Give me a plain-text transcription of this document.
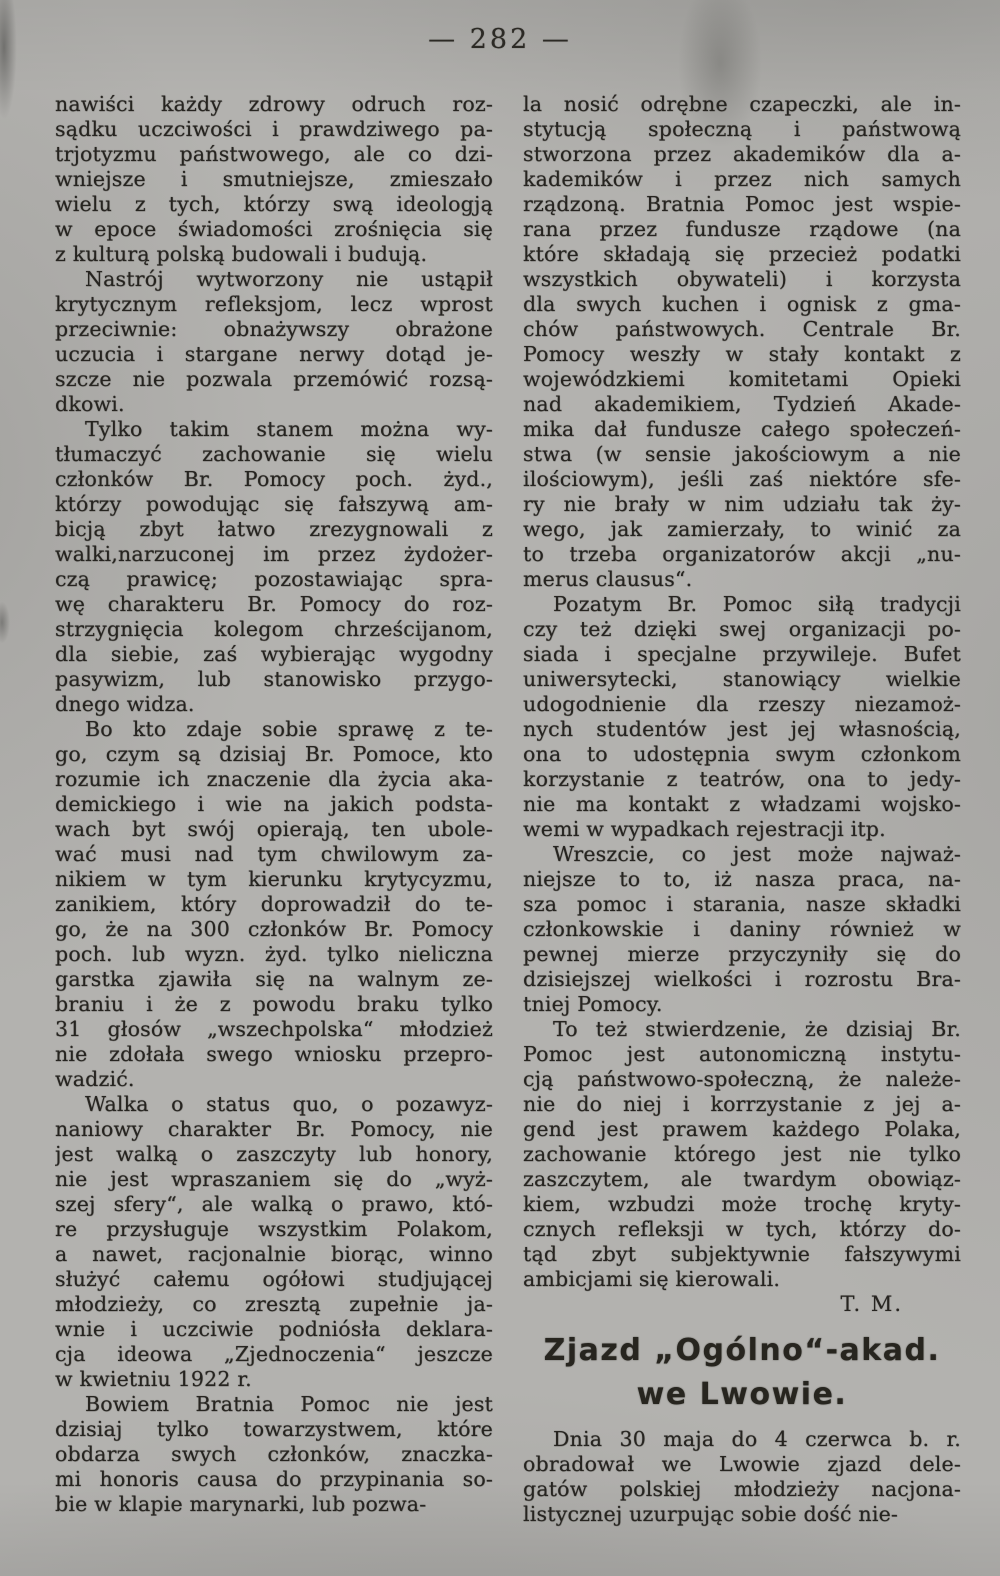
— 282 —
nawiści każdy zdrowy odruch roz-
sądku uczciwości i prawdziwego pa-
trjotyzmu państwowego, ale co dzi-
wniejsze i smutniejsze, zmieszało
wielu z tych, którzy swą ideologją
w epoce świadomości zrośnięcia się
z kulturą polską budowali i budują.
Nastrój wytworzony nie ustąpił
krytycznym refleksjom, lecz wprost
przeciwnie: obnażywszy obrażone
uczucia i stargane nerwy dotąd je-
szcze nie pozwala przemówić rozsą-
dkowi.
Tylko takim stanem można wy-
tłumaczyć zachowanie się wielu
członków Br. Pomocy poch. żyd.,
którzy powodując się fałszywą am-
bicją zbyt łatwo zrezygnowali z
walki,narzuconej im przez żydożer-
czą prawicę; pozostawiając spra-
wę charakteru Br. Pomocy do roz-
strzygnięcia kolegom chrześcijanom,
dla siebie, zaś wybierając wygodny
pasywizm, lub stanowisko przygo-
dnego widza.
Bo kto zdaje sobie sprawę z te-
go, czym są dzisiaj Br. Pomoce, kto
rozumie ich znaczenie dla życia aka-
demickiego i wie na jakich podsta-
wach byt swój opierają, ten ubole-
wać musi nad tym chwilowym za-
nikiem w tym kierunku krytycyzmu,
zanikiem, który doprowadził do te-
go, że na 300 członków Br. Pomocy
poch. lub wyzn. żyd. tylko nieliczna
garstka zjawiła się na walnym ze-
braniu i że z powodu braku tylko
31 głosów „wszechpolska“ młodzież
nie zdołała swego wniosku przepro-
wadzić.
Walka o status quo, o pozawyz-
naniowy charakter Br. Pomocy, nie
jest walką o zaszczyty lub honory,
nie jest wpraszaniem się do „wyż-
szej sfery“, ale walką o prawo, któ-
re przysługuje wszystkim Polakom,
a nawet, racjonalnie biorąc, winno
służyć całemu ogółowi studjującej
młodzieży, co zresztą zupełnie ja-
wnie i uczciwie podniósła deklara-
cja ideowa „Zjednoczenia“ jeszcze
w kwietniu 1922 r.
Bowiem Bratnia Pomoc nie jest
dzisiaj tylko towarzystwem, które
obdarza swych członków, znaczka-
mi honoris causa do przypinania so-
bie w klapie marynarki, lub pozwa-
la nosić odrębne czapeczki, ale in-
stytucją społeczną i państwową
stworzona przez akademików dla a-
kademików i przez nich samych
rządzoną. Bratnia Pomoc jest wspie-
rana przez fundusze rządowe (na
które składają się przecież podatki
wszystkich obywateli) i korzysta
dla swych kuchen i ognisk z gma-
chów państwowych. Centrale Br.
Pomocy weszły w stały kontakt z
wojewódzkiemi komitetami Opieki
nad akademikiem, Tydzień Akade-
mika dał fundusze całego społeczeń-
stwa (w sensie jakościowym a nie
ilościowym), jeśli zaś niektóre sfe-
ry nie brały w nim udziału tak ży-
wego, jak zamierzały, to winić za
to trzeba organizatorów akcji „nu-
merus clausus“.
Pozatym Br. Pomoc siłą tradycji
czy też dzięki swej organizacji po-
siada i specjalne przywileje. Bufet
uniwersytecki, stanowiący wielkie
udogodnienie dla rzeszy niezamoż-
nych studentów jest jej własnością,
ona to udostępnia swym członkom
korzystanie z teatrów, ona to jedy-
nie ma kontakt z władzami wojsko-
wemi w wypadkach rejestracji itp.
Wreszcie, co jest może najważ-
niejsze to to, iż nasza praca, na-
sza pomoc i starania, nasze składki
członkowskie i daniny również w
pewnej mierze przyczyniły się do
dzisiejszej wielkości i rozrostu Bra-
tniej Pomocy.
To też stwierdzenie, że dzisiaj Br.
Pomoc jest autonomiczną instytu-
cją państwowo-społeczną, że należe-
nie do niej i korrzystanie z jej a-
gend jest prawem każdego Polaka,
zachowanie którego jest nie tylko
zaszczytem, ale twardym obowiąz-
kiem, wzbudzi może trochę kryty-
cznych refleksji w tych, którzy do-
tąd zbyt subjektywnie fałszywymi
ambicjami się kierowali.
T. M.
Zjazd „Ogólno“-akad.
we Lwowie.
Dnia 30 maja do 4 czerwca b. r.
obradował we Lwowie zjazd dele-
gatów polskiej młodzieży nacjona-
listycznej uzurpując sobie dość nie-
